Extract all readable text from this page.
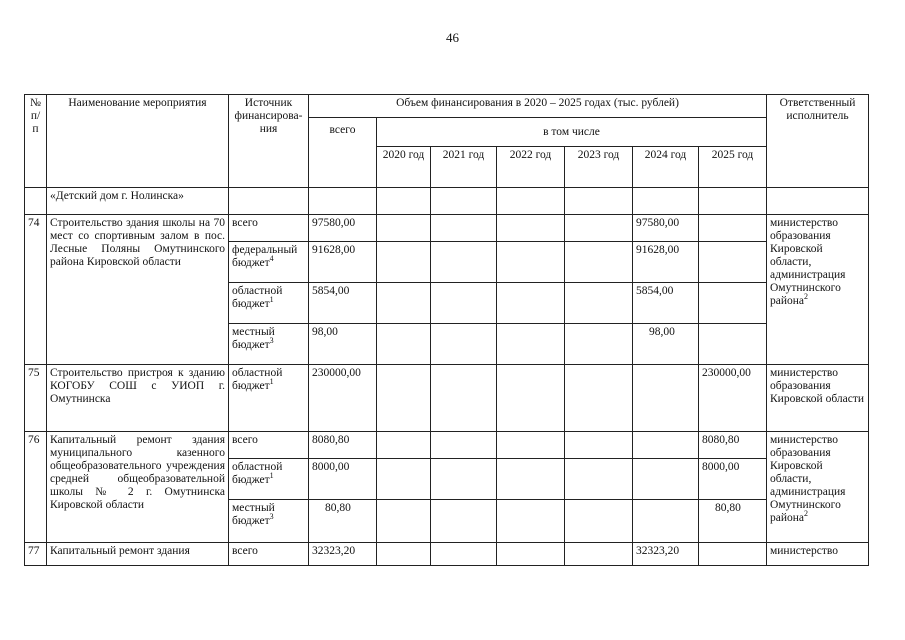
46
№ п/п	Наименование мероприятия	Источник финансирова-ния	Объем финансирования в 2020 – 2025 годах (тыс. рублей)							Ответственный исполнитель
			всего	в том числе						
				2020 год	2021 год	2022 год	2023 год	2024 год	2025 год	
	«Детский дом г. Нолинска»									
74	Строительство здания школы на 70 мест со спортивным залом в пос. Лесные Поляны Омутнинского района Кировской области	всего	97580,00					97580,00		министерство образования Кировской области, администрация Омутнинского района$^2$
		федеральный бюджет$^4$	91628,00					91628,00		
		областной бюджет$^1$	5854,00					5854,00		
		местный бюджет$^3$	98,00					98,00		
75	Строительство пристроя к зданию КОГОБУ СОШ с УИОП г. Омутнинска	областной бюджет$^1$	230000,00						230000,00	министерство образования Кировской области
76	Капитальный ремонт здания муниципального казенного общеобразовательного учреждения средней общеобразовательной школы № 2 г. Омутнинска Кировской области	всего	8080,80						8080,80	министерство образования Кировской области, администрация Омутнинского района$^2$
		областной бюджет$^1$	8000,00						8000,00	
		местный бюджет$^3$	80,80						80,80	
77	Капитальный ремонт здания	всего	32323,20					32323,20		министерство
